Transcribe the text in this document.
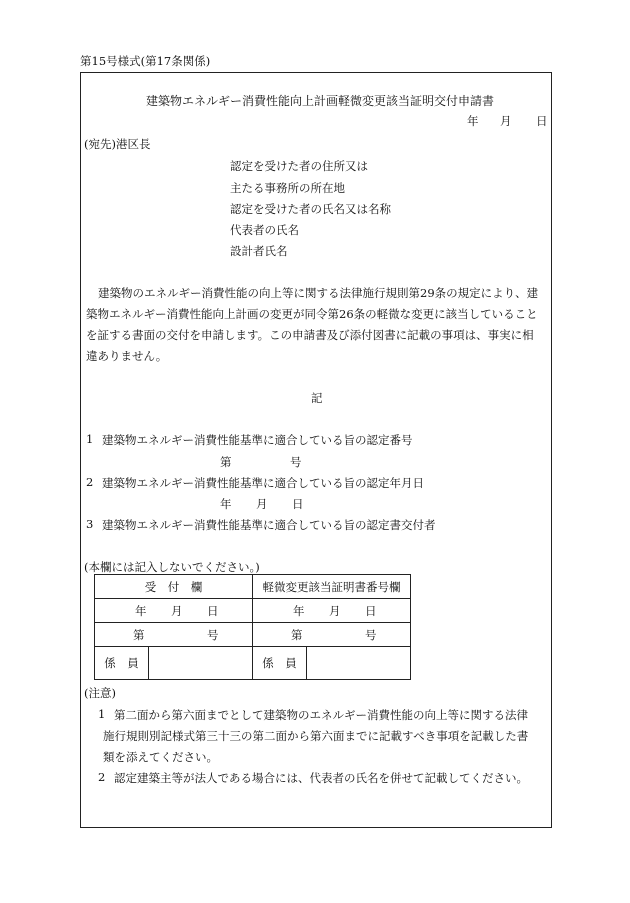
第15号様式(第17条関係)
建築物エネルギー消費性能向上計画軽微変更該当証明交付申請書
年 月 日
(宛先)港区長
認定を受けた者の住所又は
主たる事務所の所在地
認定を受けた者の氏名又は名称
代表者の氏名
設計者氏名
建築物のエネルギー消費性能の向上等に関する法律施行規則第29条の規定により、建
築物エネルギー消費性能向上計画の変更が同令第26条の軽微な変更に該当していること
を証する書面の交付を申請します。この申請書及び添付図書に記載の事項は、事実に相
違ありません。
記
1 建築物エネルギー消費性能基準に適合している旨の認定番号
第	号
2 建築物エネルギー消費性能基準に適合している旨の認定年月日
年 月 日
3 建築物エネルギー消費性能基準に適合している旨の認定書交付者
(本欄には記入しないでください。)
受　付　欄		軽微変更該当証明書番号欄	

年 月 日		年 月 日	

第 号		第 号	

係　員		係　員	
(注意)
1 第二面から第六面までとして建築物のエネルギー消費性能の向上等に関する法律
施行規則別記様式第三十三の第二面から第六面までに記載すべき事項を記載した書
類を添えてください。
2 認定建築主等が法人である場合には、代表者の氏名を併せて記載してください。
